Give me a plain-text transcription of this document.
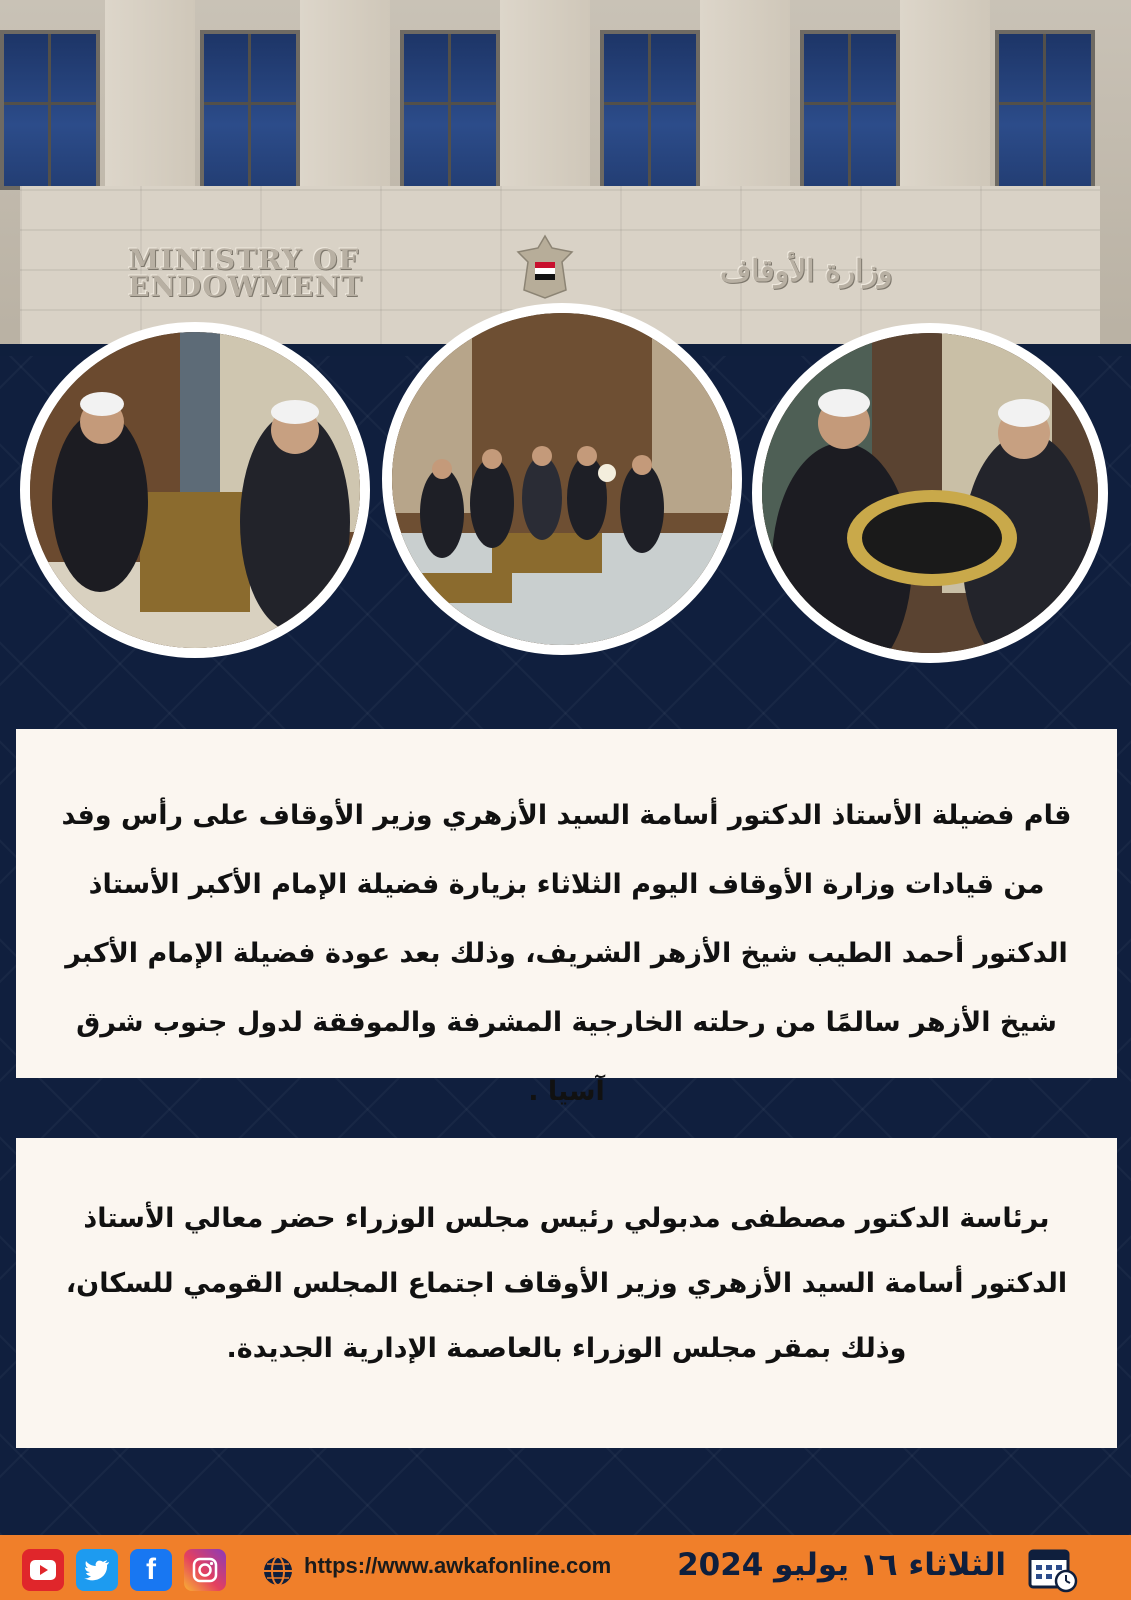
MINISTRY OF ENDOWMENT	وزارة الأوقاف
قام فضيلة الأستاذ الدكتور أسامة السيد الأزهري وزير الأوقاف على رأس وفد من قيادات وزارة الأوقاف اليوم الثلاثاء بزيارة فضيلة الإمام الأكبر الأستاذ الدكتور أحمد الطيب شيخ الأزهر الشريف، وذلك بعد عودة فضيلة الإمام الأكبر شيخ الأزهر سالمًا من رحلته الخارجية المشرفة والموفقة لدول جنوب شرق آسيا .
برئاسة الدكتور مصطفى مدبولي رئيس مجلس الوزراء حضر معالي الأستاذ الدكتور أسامة السيد الأزهري وزير الأوقاف اجتماع المجلس القومي للسكان، وذلك بمقر مجلس الوزراء بالعاصمة الإدارية الجديدة.
f	https://www.awkafonline.com الثلاثاء ١٦ يوليو 2024
